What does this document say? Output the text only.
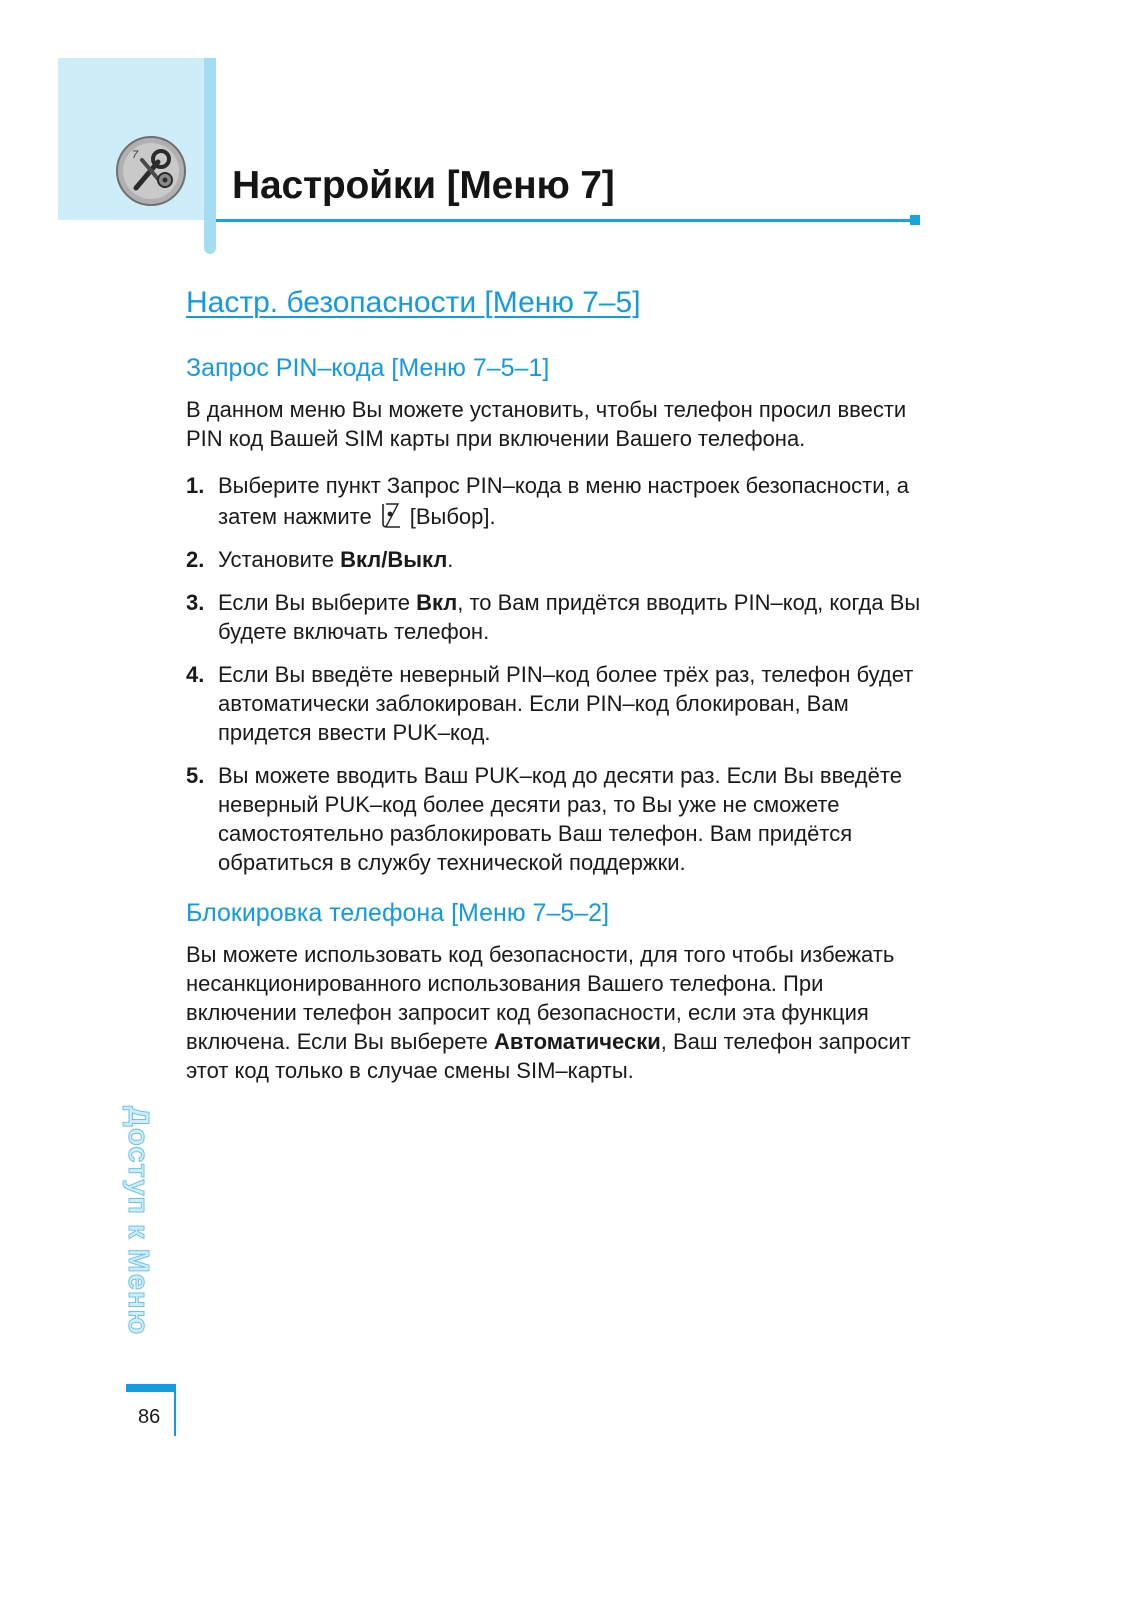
7
Настройки [Меню 7]
Настр. безопасности [Меню 7–5]
Запрос PIN–кода [Меню 7–5–1]

В данном меню Вы можете установить, чтобы телефон просил ввести PIN код Вашей SIM карты при включении Вашего телефона.

1. Выберите пункт Запрос PIN–кода в меню настроек безопасности, а затем нажмите [Выбор].
2. Установите Вкл/Выкл.
3. Если Вы выберите Вкл, то Вам придётся вводить PIN–код, когда Вы будете включать телефон.
4. Если Вы введёте неверный PIN–код более трёх раз, телефон будет автоматически заблокирован. Если PIN–код блокирован, Вам придется ввести PUK–код.
5. Вы можете вводить Ваш PUK–код до десяти раз. Если Вы введёте неверный PUK–код более десяти раз, то Вы уже не сможете самостоятельно разблокировать Ваш телефон. Вам придётся обратиться в службу технической поддержки.
Блокировка телефона [Меню 7–5–2]

Вы можете использовать код безопасности, для того чтобы избежать несанкционированного использования Вашего телефона. При включении телефон запросит код безопасности, если эта функция включена. Если Вы выберете Автоматически, Ваш телефон запросит этот код только в случае смены SIM–карты.

Доступ к Меню
86
